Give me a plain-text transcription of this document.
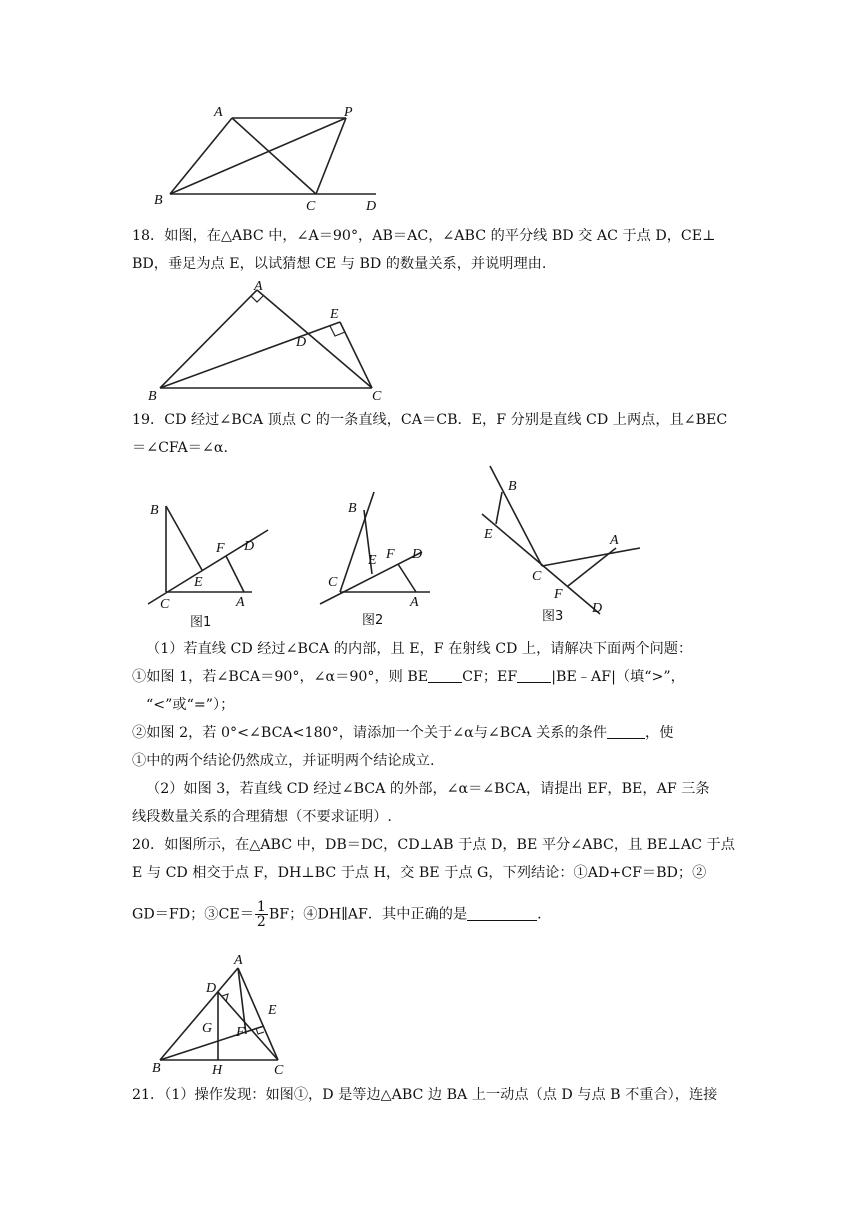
A	P
B	C	D

18．如图，在△ABC 中，∠A＝90°，AB＝AC，∠ABC 的平分线 BD 交 AC 于点 D，CE⊥

BD，垂足为点 E，以试猜想 CE 与 BD 的数量关系，并说明理由.

A
E
D
B	C

19．CD 经过∠BCA 顶点 C 的一条直线，CA＝CB．E，F 分别是直线 CD 上两点，且∠BEC

＝∠CFA＝∠α.

B
F D
E
C	A
图1
B
E F D
C
A
图2
B
E	A
C
F
D
图3

（1）若直线 CD 经过∠BCA 的内部，且 E，F 在射线 CD 上，请解决下面两个问题：

①如图 1，若∠BCA＝90°，∠α＝90°，则 BE CF；EF |BE﹣AF|（填“>”，

“<”或“=”）；

②如图 2，若 0°<∠BCA<180°，请添加一个关于∠α与∠BCA 关系的条件	，使

①中的两个结论仍然成立，并证明两个结论成立.

（2）如图 3，若直线 CD 经过∠BCA 的外部，∠α＝∠BCA，请提出 EF，BE，AF 三条

线段数量关系的合理猜想（不要求证明）.

20．如图所示，在△ABC 中，DB＝DC，CD⊥AB 于点 D，BE 平分∠ABC，且 BE⊥AC 于点

E 与 CD 相交于点 F，DH⊥BC 于点 H，交 BE 于点 G，下列结论：①AD+CF＝BD；②

GD＝FD；③CE＝ $\frac{1}{2}$ BF；④DH∥AF．其中正确的是	.

A
D
E
G F
B	H	C

21．（1）操作发现：如图①，D 是等边△ABC 边 BA 上一动点（点 D 与点 B 不重合），连接
